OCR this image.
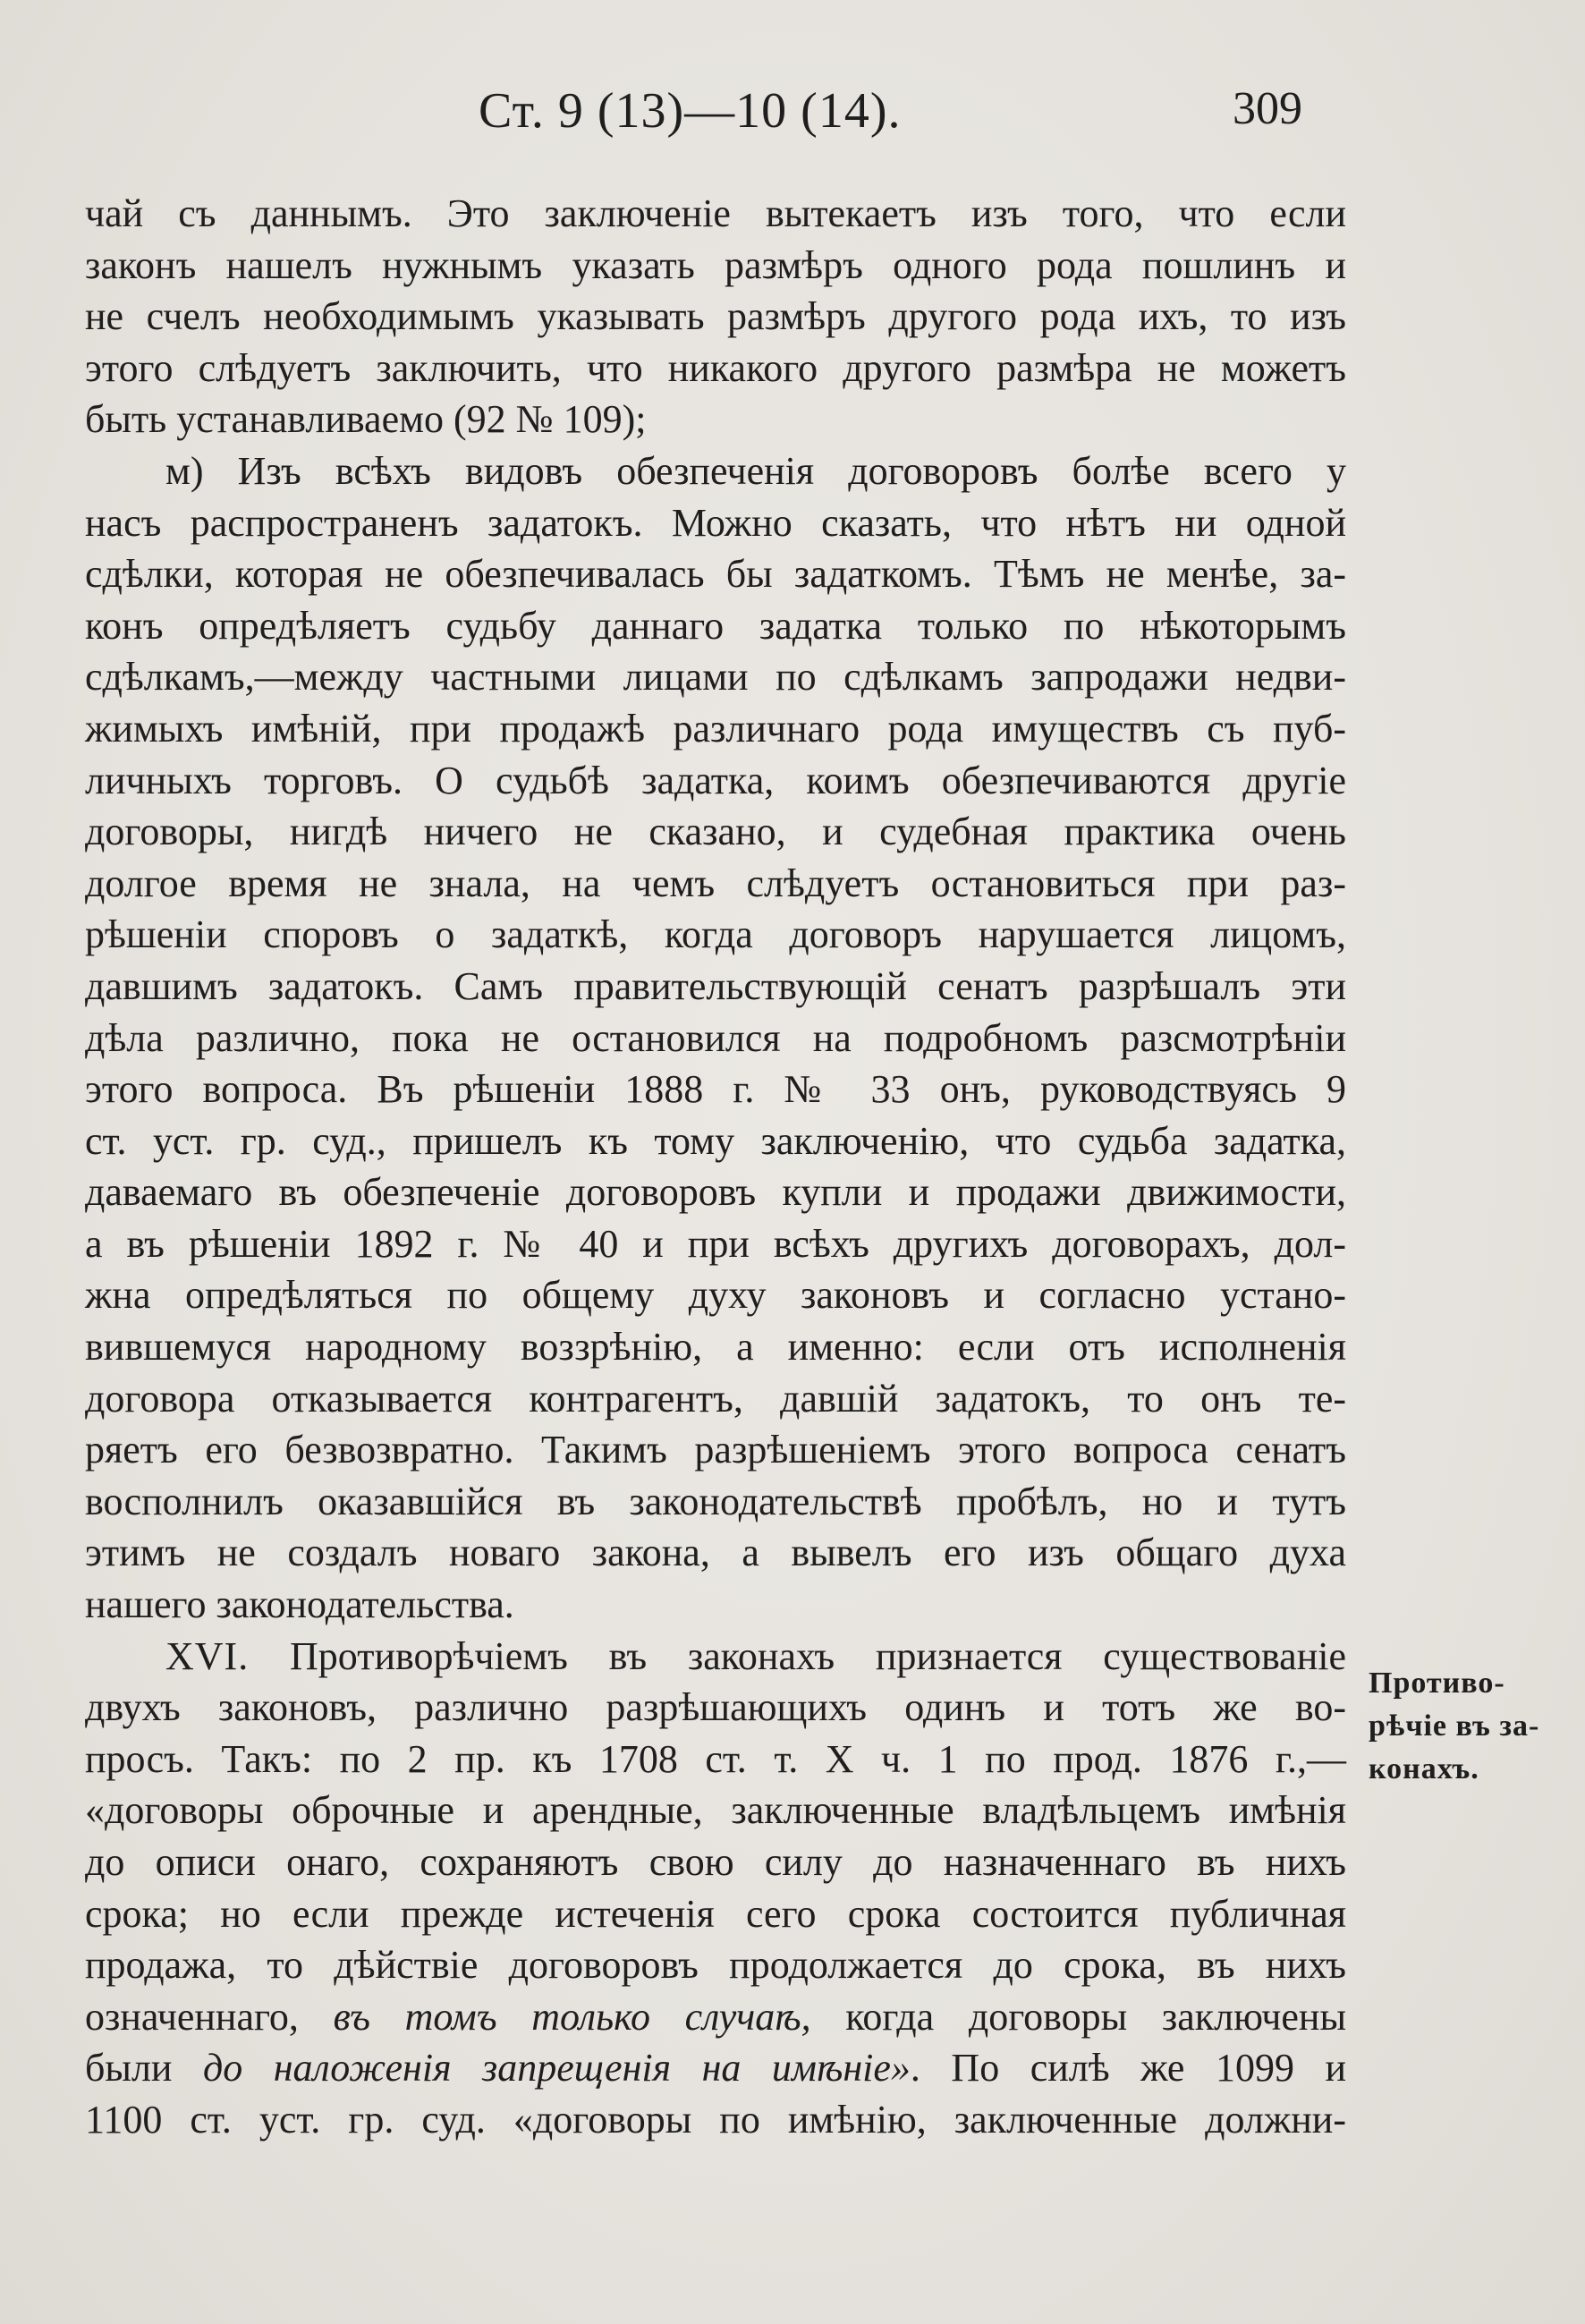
Ст. 9 (13)—10 (14).	309
чай съ даннымъ. Это заключеніе вытекаетъ изъ того, что если
законъ нашелъ нужнымъ указать размѣръ одного рода пошлинъ и
не счелъ необходимымъ указывать размѣръ другого рода ихъ, то изъ
этого слѣдуетъ заключить, что никакого другого размѣра не можетъ
быть устанавливаемо (92 № 109);
м) Изъ всѣхъ видовъ обезпеченія договоровъ болѣе всего у
насъ распространенъ задатокъ. Можно сказать, что нѣтъ ни одной
сдѣлки, которая не обезпечивалась бы задаткомъ. Тѣмъ не менѣе, за-
конъ опредѣляетъ судьбу даннаго задатка только по нѣкоторымъ
сдѣлкамъ,—между частными лицами по сдѣлкамъ запродажи недви-
жимыхъ имѣній, при продажѣ различнаго рода имуществъ съ пуб-
личныхъ торговъ. О судьбѣ задатка, коимъ обезпечиваются другіе
договоры, нигдѣ ничего не сказано, и судебная практика очень
долгое время не знала, на чемъ слѣдуетъ остановиться при раз-
рѣшеніи споровъ о задаткѣ, когда договоръ нарушается лицомъ,
давшимъ задатокъ. Самъ правительствующій сенатъ разрѣшалъ эти
дѣла различно, пока не остановился на подробномъ разсмотрѣніи
этого вопроса. Въ рѣшеніи 1888 г. № 33 онъ, руководствуясь 9
ст. уст. гр. суд., пришелъ къ тому заключенію, что судьба задатка,
даваемаго въ обезпеченіе договоровъ купли и продажи движимости,
а въ рѣшеніи 1892 г. № 40 и при всѣхъ другихъ договорахъ, дол-
жна опредѣляться по общему духу законовъ и согласно устано-
вившемуся народному воззрѣнію, а именно: если отъ исполненія
договора отказывается контрагентъ, давшій задатокъ, то онъ те-
ряетъ его безвозвратно. Такимъ разрѣшеніемъ этого вопроса сенатъ
восполнилъ оказавшійся въ законодательствѣ пробѣлъ, но и тутъ
этимъ не создалъ новаго закона, а вывелъ его изъ общаго духа
нашего законодательства.
XVI. Противорѣчіемъ въ законахъ признается существованіе
двухъ законовъ, различно разрѣшающихъ одинъ и тотъ же во-
просъ. Такъ: по 2 пр. къ 1708 ст. т. X ч. 1 по прод. 1876 г.,—
«договоры оброчные и арендные, заключенные владѣльцемъ имѣнія
до описи онаго, сохраняютъ свою силу до назначеннаго въ нихъ
срока; но если прежде истеченія сего срока состоится публичная
продажа, то дѣйствіе договоровъ продолжается до срока, въ нихъ
означеннаго, въ томъ только случаѣ, когда договоры заключены
были до наложенія запрещенія на имѣніе». По силѣ же 1099 и
1100 ст. уст. гр. суд. «договоры по имѣнію, заключенные должни-
Противо-
рѣчіе въ за-
конахъ.
